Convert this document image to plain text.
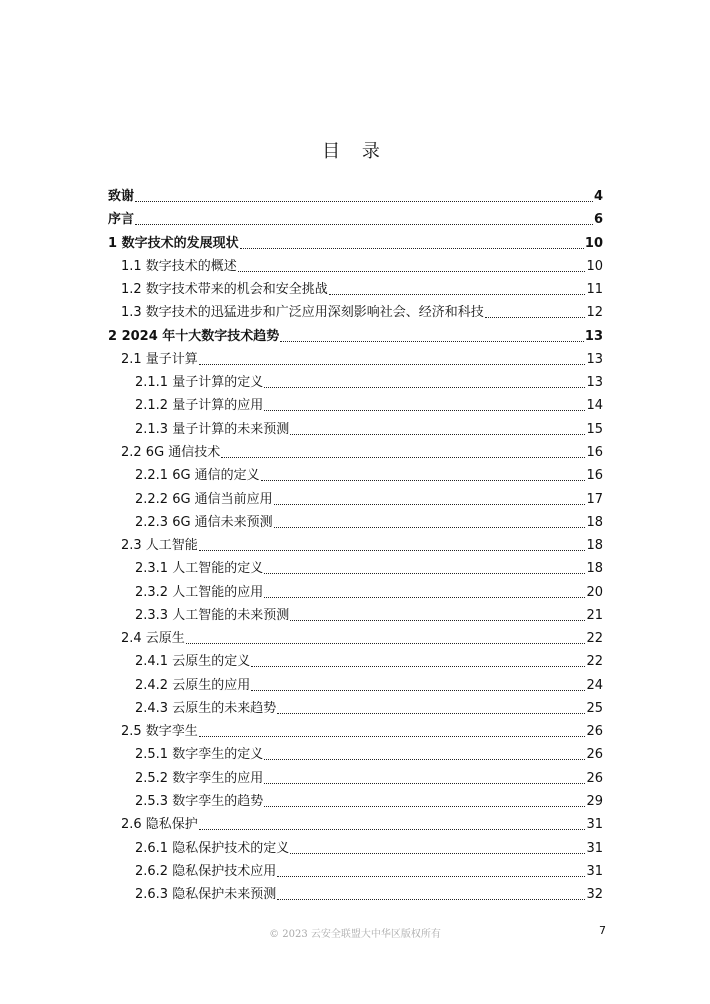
目 录
致谢	4
序言	6
1 数字技术的发展现状	10
1.1 数字技术的概述	10
1.2 数字技术带来的机会和安全挑战	11
1.3 数字技术的迅猛进步和广泛应用深刻影响社会、经济和科技	12
2 2024 年十大数字技术趋势	13
2.1 量子计算	13
2.1.1 量子计算的定义	13
2.1.2 量子计算的应用	14
2.1.3 量子计算的未来预测	15
2.2 6G 通信技术	16
2.2.1 6G 通信的定义	16
2.2.2 6G 通信当前应用	17
2.2.3 6G 通信未来预测	18
2.3 人工智能	18
2.3.1 人工智能的定义	18
2.3.2 人工智能的应用	20
2.3.3 人工智能的未来预测	21
2.4 云原生	22
2.4.1 云原生的定义	22
2.4.2 云原生的应用	24
2.4.3 云原生的未来趋势	25
2.5 数字孪生	26
2.5.1 数字孪生的定义	26
2.5.2 数字孪生的应用	26
2.5.3 数字孪生的趋势	29
2.6 隐私保护	31
2.6.1 隐私保护技术的定义	31
2.6.2 隐私保护技术应用	31
2.6.3 隐私保护未来预测	32
© 2023 云安全联盟大中华区版权所有	7
